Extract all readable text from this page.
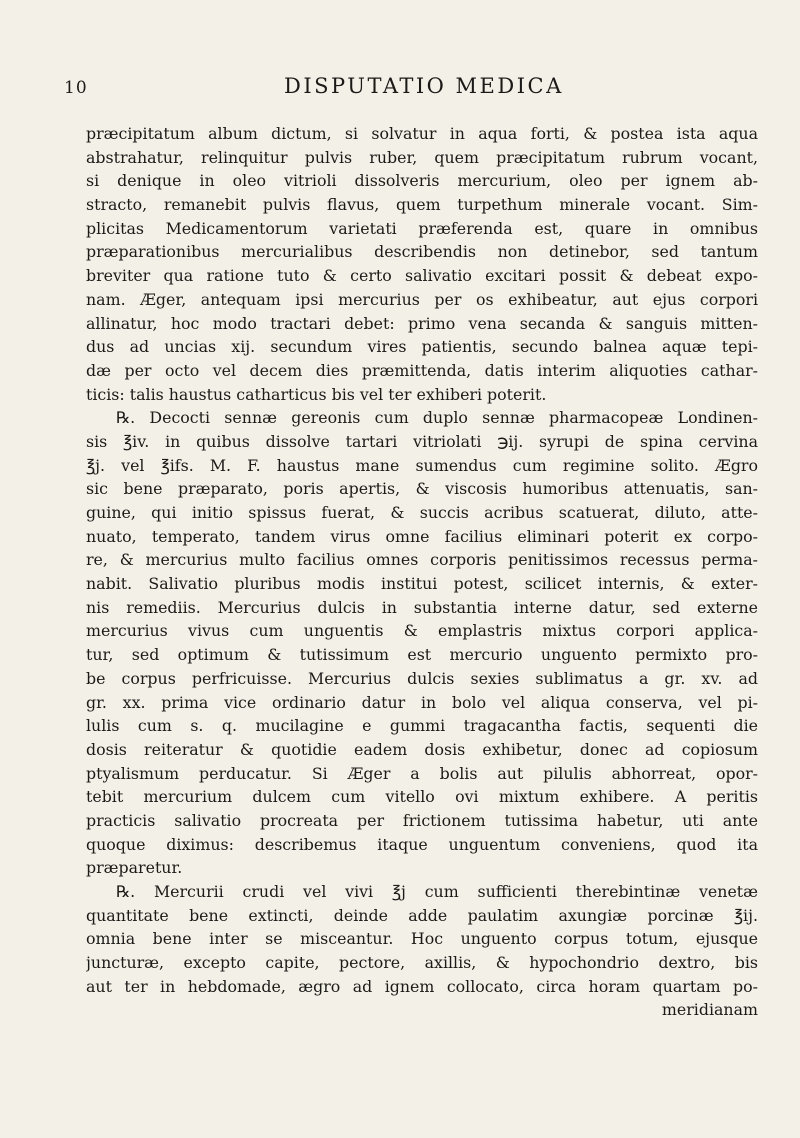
10	DISPUTATIO MEDICA
præcipitatum album dictum, si solvatur in aqua forti, & postea ista aqua
abstrahatur, relinquitur pulvis ruber, quem præcipitatum rubrum vocant,
si denique in oleo vitrioli dissolveris mercurium, oleo per ignem ab-
stracto, remanebit pulvis flavus, quem turpethum minerale vocant. Sim-
plicitas Medicamentorum varietati præferenda est, quare in omnibus
præparationibus mercurialibus describendis non detinebor, sed tantum
breviter qua ratione tuto & certo salivatio excitari possit & debeat expo-
nam. Æger, antequam ipsi mercurius per os exhibeatur, aut ejus corpori
allinatur, hoc modo tractari debet: primo vena secanda & sanguis mitten-
dus ad uncias xij. secundum vires patientis, secundo balnea aquæ tepi-
dæ per octo vel decem dies præmittenda, datis interim aliquoties cathar-
ticis: talis haustus catharticus bis vel ter exhiberi poterit.
℞. Decocti sennæ gereonis cum duplo sennæ pharmacopeæ Londinen-
sis ℥iv. in quibus dissolve tartari vitriolati ℈ij. syrupi de spina cervina
℥j. vel ℥ifs. M. F. haustus mane sumendus cum regimine solito. Ægro
sic bene præparato, poris apertis, & viscosis humoribus attenuatis, san-
guine, qui initio spissus fuerat, & succis acribus scatuerat, diluto, atte-
nuato, temperato, tandem virus omne facilius eliminari poterit ex corpo-
re, & mercurius multo facilius omnes corporis penitissimos recessus perma-
nabit. Salivatio pluribus modis institui potest, scilicet internis, & exter-
nis remediis. Mercurius dulcis in substantia interne datur, sed externe
mercurius vivus cum unguentis & emplastris mixtus corpori applica-
tur, sed optimum & tutissimum est mercurio unguento permixto pro-
be corpus perfricuisse. Mercurius dulcis sexies sublimatus a gr. xv. ad
gr. xx. prima vice ordinario datur in bolo vel aliqua conserva, vel pi-
lulis cum s. q. mucilagine e gummi tragacantha factis, sequenti die
dosis reiteratur & quotidie eadem dosis exhibetur, donec ad copiosum
ptyalismum perducatur. Si Æger a bolis aut pilulis abhorreat, opor-
tebit mercurium dulcem cum vitello ovi mixtum exhibere. A peritis
practicis salivatio procreata per frictionem tutissima habetur, uti ante
quoque diximus: describemus itaque unguentum conveniens, quod ita
præparetur.
℞. Mercurii crudi vel vivi ℥j cum sufficienti therebintinæ venetæ
quantitate bene extincti, deinde adde paulatim axungiæ porcinæ ℥ij.
omnia bene inter se misceantur. Hoc unguento corpus totum, ejusque
juncturæ, excepto capite, pectore, axillis, & hypochondrio dextro, bis
aut ter in hebdomade, ægro ad ignem collocato, circa horam quartam po-
meridianam
